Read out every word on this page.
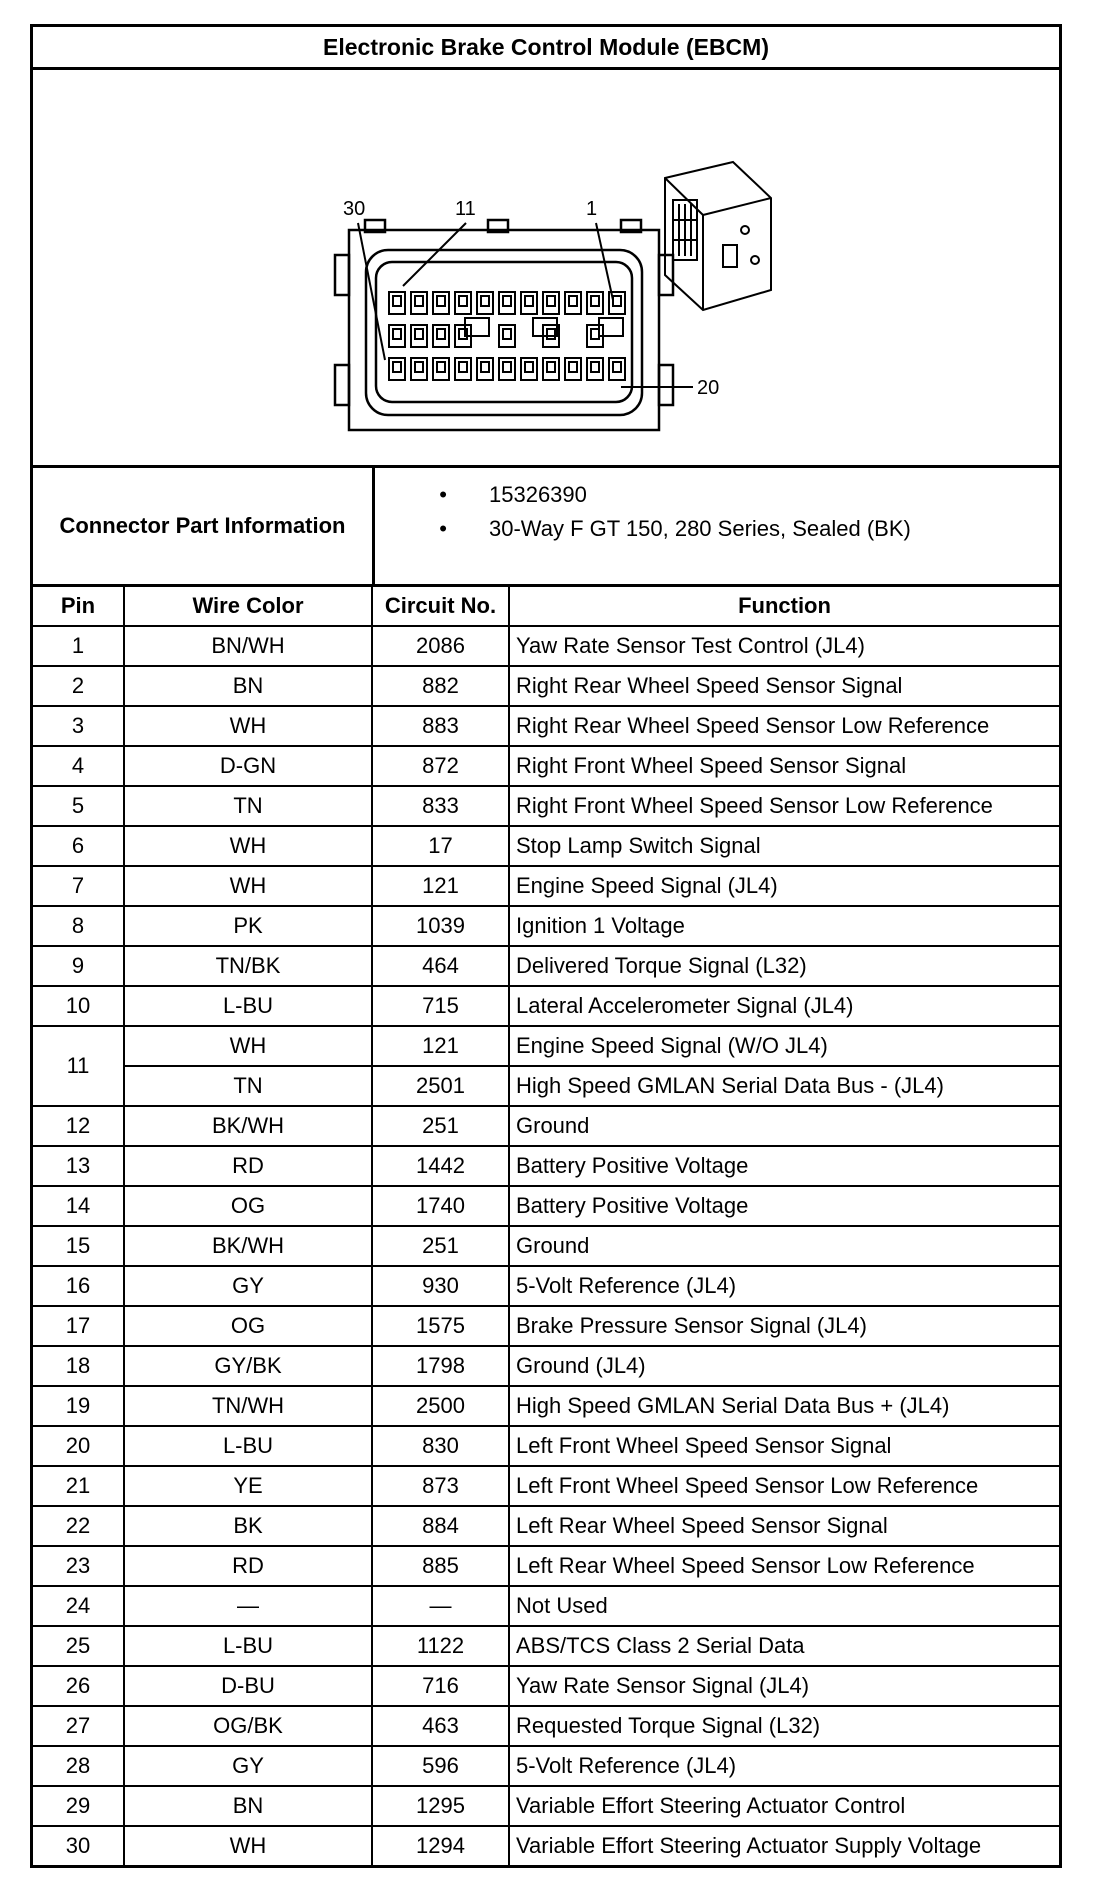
Electronic Brake Control Module (EBCM)
30	11	1
20
Connector Part Information
•	15326390
•	30-Way F GT 150, 280 Series, Sealed (BK)
Pin	Wire Color	Circuit No.	Function
1	BN/WH	2086	Yaw Rate Sensor Test Control (JL4)
2	BN	882	Right Rear Wheel Speed Sensor Signal
3	WH	883	Right Rear Wheel Speed Sensor Low Reference
4	D-GN	872	Right Front Wheel Speed Sensor Signal
5	TN	833	Right Front Wheel Speed Sensor Low Reference
6	WH	17	Stop Lamp Switch Signal
7	WH	121	Engine Speed Signal (JL4)
8	PK	1039	Ignition 1 Voltage
9	TN/BK	464	Delivered Torque Signal (L32)
10	L-BU	715	Lateral Accelerometer Signal (JL4)
11	WH	121	Engine Speed Signal (W/O JL4)
	TN	2501	High Speed GMLAN Serial Data Bus - (JL4)
12	BK/WH	251	Ground
13	RD	1442	Battery Positive Voltage
14	OG	1740	Battery Positive Voltage
15	BK/WH	251	Ground
16	GY	930	5-Volt Reference (JL4)
17	OG	1575	Brake Pressure Sensor Signal (JL4)
18	GY/BK	1798	Ground (JL4)
19	TN/WH	2500	High Speed GMLAN Serial Data Bus + (JL4)
20	L-BU	830	Left Front Wheel Speed Sensor Signal
21	YE	873	Left Front Wheel Speed Sensor Low Reference
22	BK	884	Left Rear Wheel Speed Sensor Signal
23	RD	885	Left Rear Wheel Speed Sensor Low Reference
24	—	—	Not Used
25	L-BU	1122	ABS/TCS Class 2 Serial Data
26	D-BU	716	Yaw Rate Sensor Signal (JL4)
27	OG/BK	463	Requested Torque Signal (L32)
28	GY	596	5-Volt Reference (JL4)
29	BN	1295	Variable Effort Steering Actuator Control
30	WH	1294	Variable Effort Steering Actuator Supply Voltage
